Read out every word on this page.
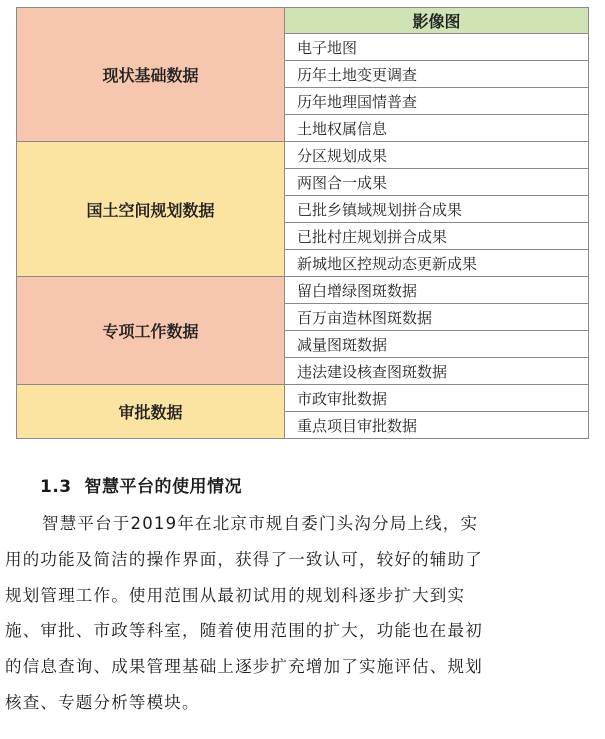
现状基础数据	影像图
	电子地图
	历年土地变更调查
	历年地理国情普查
	土地权属信息
国土空间规划数据	分区规划成果
	两图合一成果
	已批乡镇域规划拼合成果
	已批村庄规划拼合成果
	新城地区控规动态更新成果
专项工作数据	留白增绿图斑数据
	百万亩造林图斑数据
	减量图斑数据
	违法建设核查图斑数据
审批数据	市政审批数据
	重点项目审批数据
1.3 智慧平台的使用情况

智慧平台于2019年在北京市规自委门头沟分局上线，实
用的功能及简洁的操作界面，获得了一致认可，较好的辅助了
规划管理工作。使用范围从最初试用的规划科逐步扩大到实
施、审批、市政等科室，随着使用范围的扩大，功能也在最初
的信息查询、成果管理基础上逐步扩充增加了实施评估、规划
核查、专题分析等模块。
